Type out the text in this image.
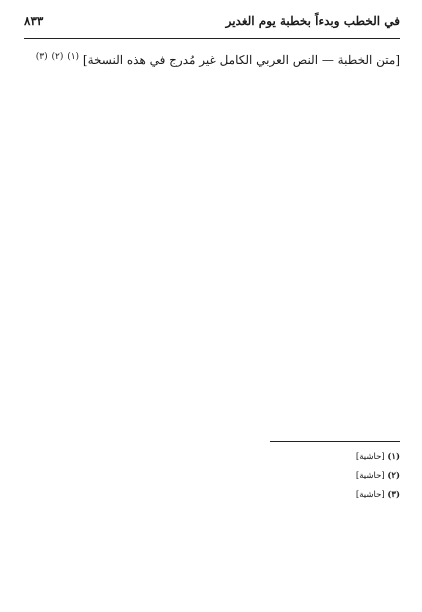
في الخطب وبدءاً بخطبة يوم الغدير
٨٣٣
[متن الخطبة — النص العربي الكامل غير مُدرج في هذه النسخة] $^{(١)}$ $^{(٢)}$ $^{(٣)}$

(١) [حاشية]

(٢) [حاشية]

(٣) [حاشية]
